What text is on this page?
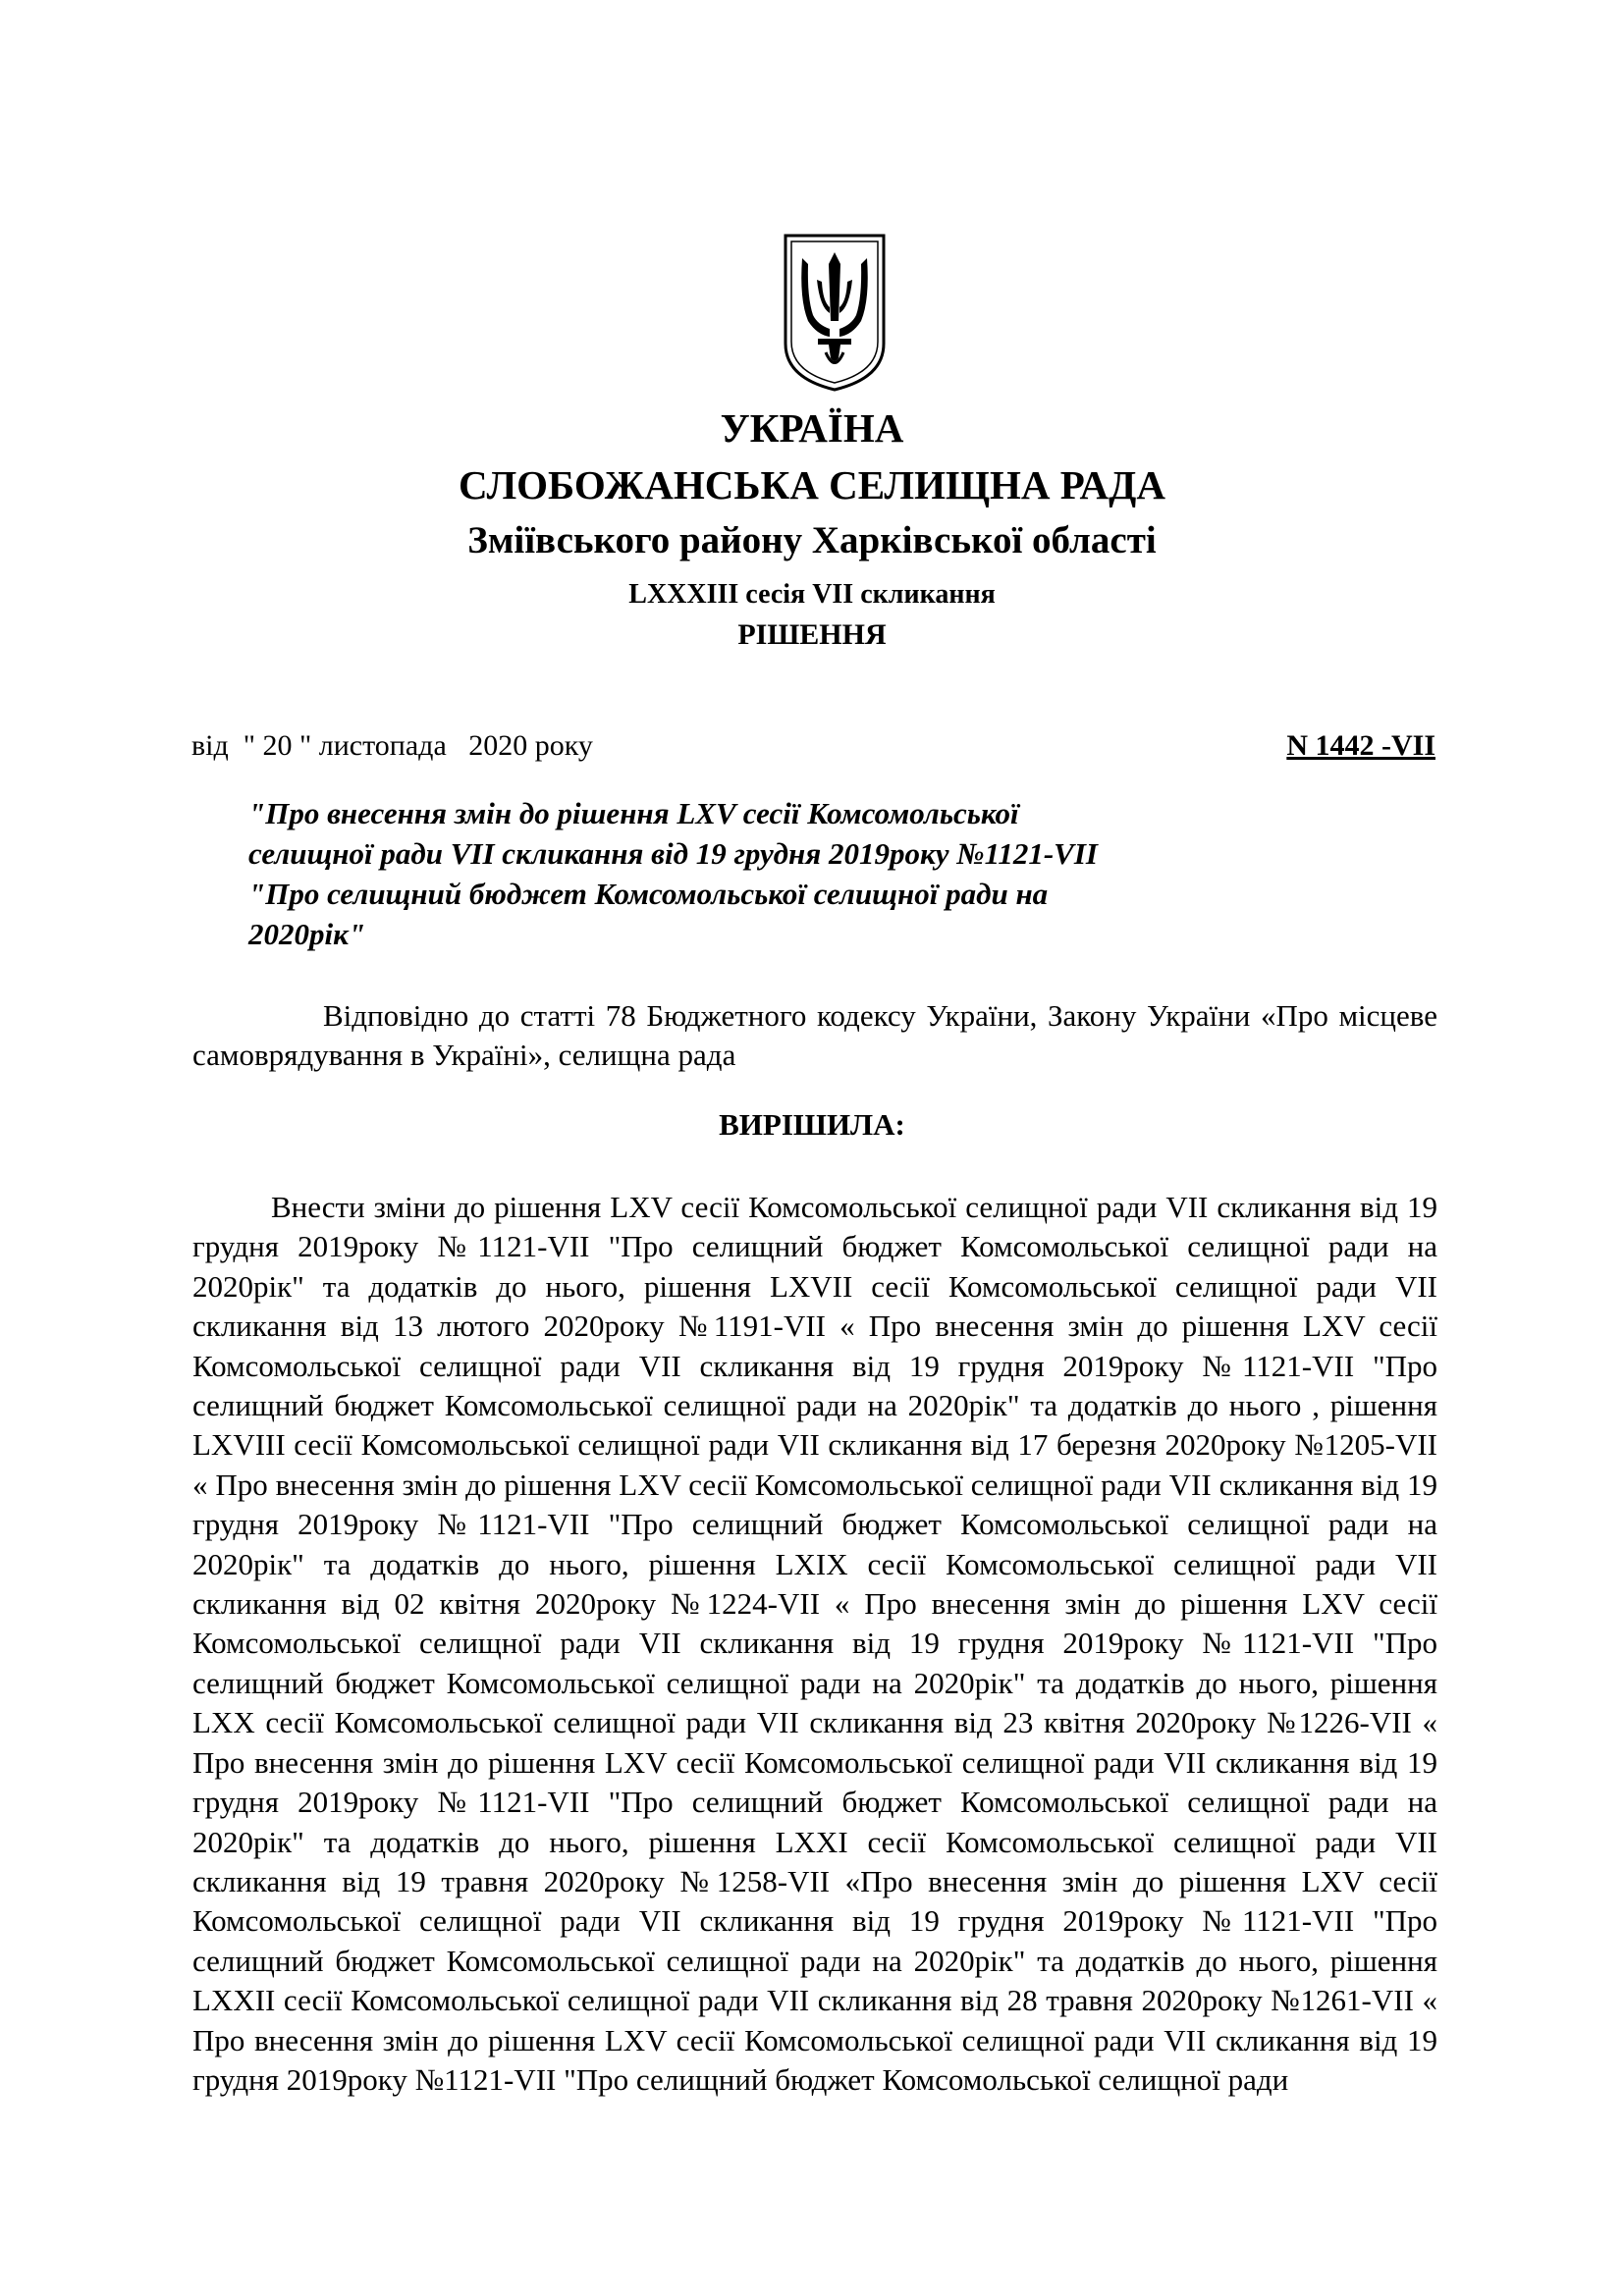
УКРАЇНА
СЛОБОЖАНСЬКА СЕЛИЩНА РАДА
Зміївського району Харківської області
LXXXIII сесія VII скликання
РІШЕННЯ
від  " 20 " листопада   2020 року	N 1442 -VII

"Про внесення змін до рішення LXV сесії Комсомольської селищної ради VII скликання від 19 грудня 2019року №1121-VII "Про селищний бюджет Комсомольської селищної ради на 2020рік"

Відповідно до статті 78 Бюджетного кодексу України, Закону України «Про місцеве самоврядування в Україні», селищна рада

ВИРІШИЛА:

Внести зміни до рішення LXV сесії Комсомольської селищної ради VII скликання від 19 грудня 2019року №1121-VII "Про селищний бюджет Комсомольської селищної ради на 2020рік" та додатків до нього, рішення LXVII сесії Комсомольської селищної ради VII скликання від 13 лютого 2020року №1191-VII « Про внесення змін до рішення LXV сесії Комсомольської селищної ради VII скликання від 19 грудня 2019року №1121-VII "Про селищний бюджет Комсомольської селищної ради на 2020рік" та додатків до нього , рішення LXVIII сесії Комсомольської селищної ради VII скликання від 17 березня 2020року №1205-VII « Про внесення змін до рішення LXV сесії Комсомольської селищної ради VII скликання від 19 грудня 2019року №1121-VII "Про селищний бюджет Комсомольської селищної ради на 2020рік" та додатків до нього, рішення LXIX сесії Комсомольської селищної ради VII скликання від 02 квітня 2020року №1224-VII « Про внесення змін до рішення LXV сесії Комсомольської селищної ради VII скликання від 19 грудня 2019року №1121-VII "Про селищний бюджет Комсомольської селищної ради на 2020рік" та додатків до нього, рішення LXX сесії Комсомольської селищної ради VII скликання від 23 квітня 2020року №1226-VII « Про внесення змін до рішення LXV сесії Комсомольської селищної ради VII скликання від 19 грудня 2019року №1121-VII "Про селищний бюджет Комсомольської селищної ради на 2020рік" та додатків до нього, рішення LXXI сесії Комсомольської селищної ради VII скликання від 19 травня 2020року №1258-VII «Про внесення змін до рішення LXV сесії Комсомольської селищної ради VII скликання від 19 грудня 2019року №1121-VII "Про селищний бюджет Комсомольської селищної ради на 2020рік" та додатків до нього, рішення LXXII сесії Комсомольської селищної ради VII скликання від 28 травня 2020року №1261-VII « Про внесення змін до рішення LXV сесії Комсомольської селищної ради VII скликання від 19 грудня 2019року №1121-VII "Про селищний бюджет Комсомольської селищної ради
